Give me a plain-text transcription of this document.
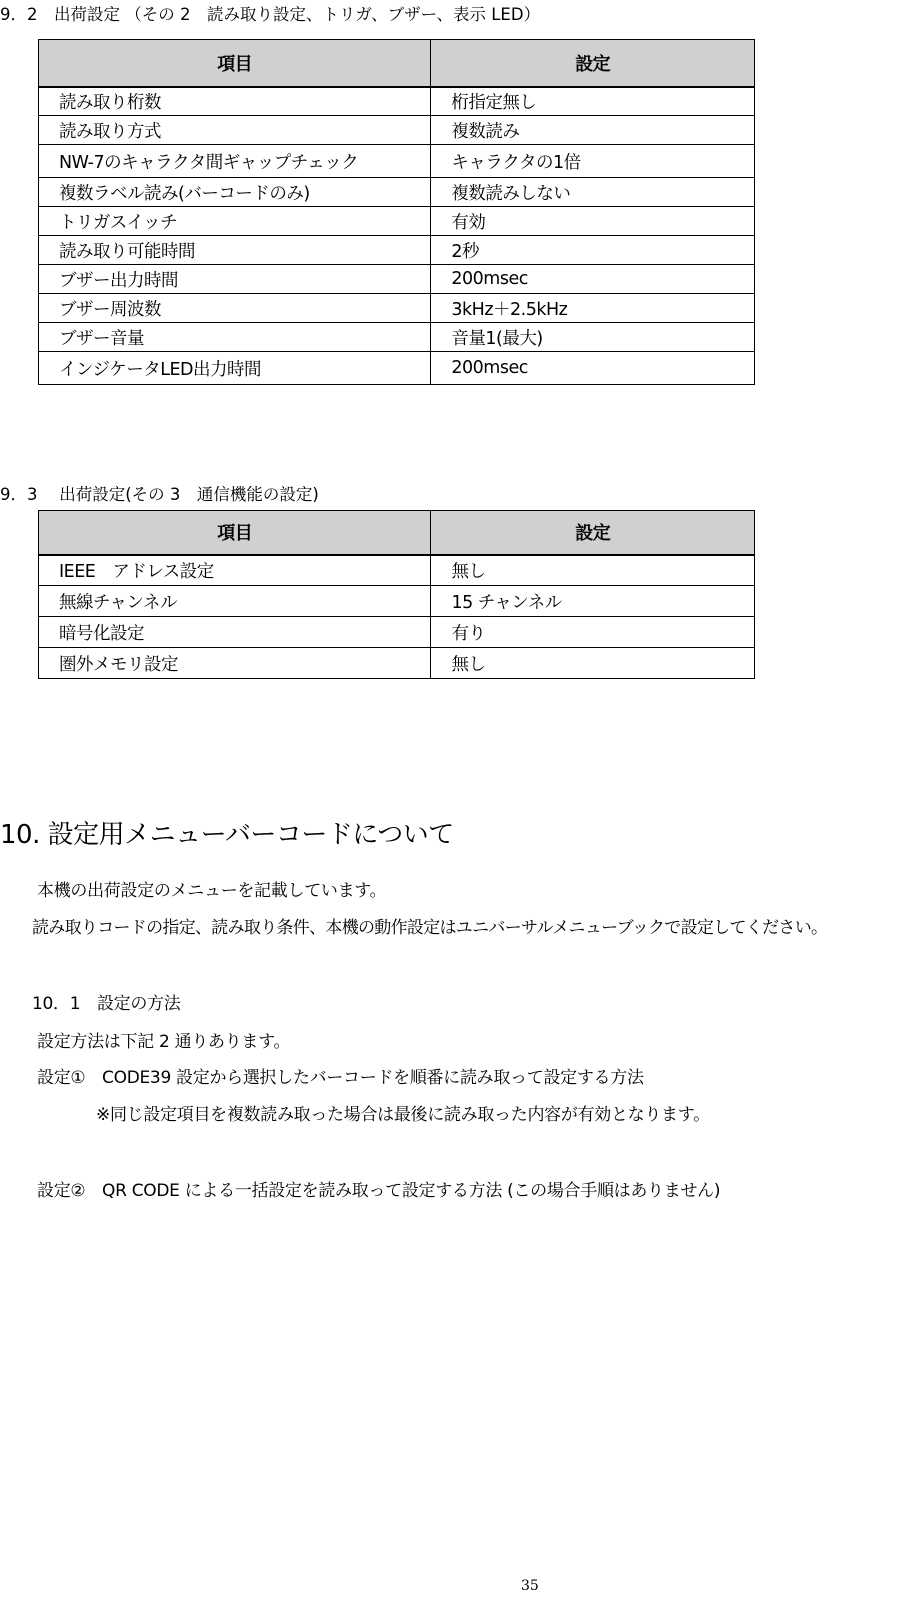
9．2　出荷設定 （その 2　読み取り設定、トリガ、ブザー、表示 LED）
項目	設定
読み取り桁数	桁指定無し
読み取り方式	複数読み
NW-7のキャラクタ間ギャップチェック	キャラクタの1倍
複数ラベル読み(バーコードのみ)	複数読みしない
トリガスイッチ	有効
読み取り可能時間	2秒
ブザー出力時間	200msec
ブザー周波数	3kHz＋2.5kHz
ブザー音量	音量1(最大)
インジケータLED出力時間	200msec
9．3　 出荷設定(その 3　通信機能の設定)
項目	設定
IEEE　アドレス設定	無し
無線チャンネル	15 チャンネル
暗号化設定	有り
圏外メモリ設定	無し
10. 設定用メニューバーコードについて
本機の出荷設定のメニューを記載しています。
読み取りコードの指定、読み取り条件、本機の動作設定はユニバーサルメニューブックで設定してください。
10．1　設定の方法
設定方法は下記 2 通りあります。
設定①　CODE39 設定から選択したバーコードを順番に読み取って設定する方法
※同じ設定項目を複数読み取った場合は最後に読み取った内容が有効となります。
設定②　QR CODE による一括設定を読み取って設定する方法 (この場合手順はありません)
35
